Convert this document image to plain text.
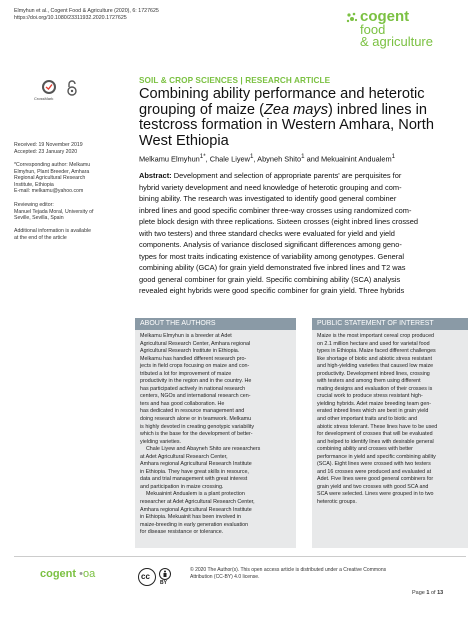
Elmyhun et al., Cogent Food & Agriculture (2020), 6: 1727625
https://doi.org/10.1080/23311932.2020.1727625	cogent
food
& agriculture
CrossMark
Received: 19 November 2019
Accepted: 23 January 2020
*Corresponding author: Melkamu
Elmyhun, Plant Breeder, Amhara
Regional Agricultural Research
Institute, Ethiopia
E-mail: melkamu@yahoo.com
Reviewing editor:
Manuel Tejada Moral, University of
Seville, Sevilla, Spain
Additional information is available
at the end of the article
SOIL & CROP SCIENCES | RESEARCH ARTICLE
Combining ability performance and heterotic
grouping of maize (Zea mays) inbred lines in
testcross formation in Western Amhara, North
West Ethiopia
Melkamu Elmyhun$^{1*}$, Chale Liyew$^1$, Abyneh Shito$^1$ and Mekuainint Andualem$^1$
Abstract: Development and selection of appropriate parents' are perquisites for
hybrid variety development and need knowledge of heterotic grouping and com-
bining ability. The research was investigated to identify good general combiner
inbred lines and good specific combiner three-way crosses using randomized com-
plete block design with three replications. Sixteen crosses (eight inbred lines crossed
with two testers) and three standard checks were evaluated for yield and yield
components. Analysis of variance disclosed significant differences among geno-
types for most traits indicating existence of variability among genotypes. General
combining ability (GCA) for grain yield demonstrated five inbred lines and T2 was
good general combiner for grain yield. Specific combining ability (SCA) analysis
revealed eight hybrids were good specific combiner for grain yield. Three hybrids
ABOUT THE AUTHORS
Melkamu Elmyhun is a breeder at Adet
Agricultural Research Center, Amhara regional
Agricultural Research Institute in Ethiopia.
Melkamu has handled different research pro-
jects in field crops focusing on maize and con-
tributed a lot for improvement of maize
productivity in the region and in the country. He
has participated actively in national research
centers, NGOs and international research cen-
ters and has good collaboration. He
has dedicated in resource management and
doing research alone or in teamwork. Melkamu
is highly devoted in creating genotypic variability
which is the base for the development of better-
yielding varieties.
Chale Liyew and Abayneh Shito are researchers
at Adet Agricultural Research Center,
Amhara regional Agricultural Research Institute
in Ethiopia. They have great skills in resource,
data and trial management with great interest
and participation in maize crossing.
Mekuainint Andualem is a plant protection
researcher at Adet Agricultural Research Center,
Amhara regional Agricultural Research Institute
in Ethiopia. Mekuainit has been involved in
maize-breeding in early generation evaluation
for disease resistance or tolerance.
PUBLIC STATEMENT OF INTEREST
Maize is the most important cereal crop produced
on 2.1 million hectare and used for varietal food
types in Ethiopia. Maize faced different challenges
like shortage of biotic and abiotic stress resistant
and high-yielding varieties that caused low maize
productivity. Development inbred lines, crossing
with testers and among them using different
mating designs and evaluation of their crosses is
crucial work to produce stress resistant high-
yielding hybrids. Adet maize breeding team gen-
erated inbred lines which are best in grain yield
and other important traits and to biotic and
abiotic stress tolerant. These lines have to be used
for development of crosses that will be evaluated
and helped to identify lines with desirable general
combining ability and crosses with better
performance in yield and specific combining ability
(SCA). Eight lines were crossed with two testers
and 16 crosses were produced and evaluated at
Adet. Five lines were good general combiners for
grain yield and two crosses with good SCA and
SCA were selected. Lines were grouped in to two
heterotic groups.
cogent •oa	cc
BY
© 2020 The Author(s). This open access article is distributed under a Creative Commons
Attribution (CC-BY) 4.0 license.
Page 1 of 13
